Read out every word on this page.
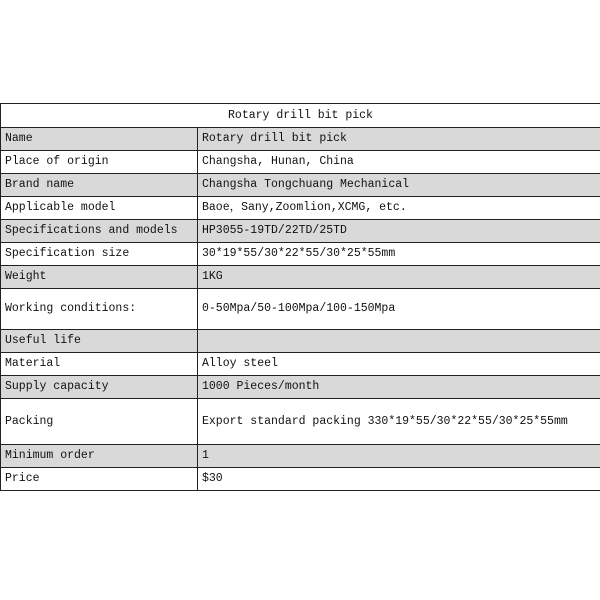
Rotary drill bit pick	
Name	Rotary drill bit pick
Place of origin	Changsha, Hunan, China
Brand name	Changsha Tongchuang Mechanical
Applicable model	Baoe，Sany,Zoomlion,XCMG, etc.
Specifications and models	HP3055-19TD/22TD/25TD
Specification size	30*19*55/30*22*55/30*25*55mm
Weight	1KG
Working conditions:	0-50Mpa/50-100Mpa/100-150Mpa
Useful life	
Material	Alloy steel
Supply capacity	1000 Pieces/month
Packing	Export standard packing 330*19*55/30*22*55/30*25*55mm
Minimum order	1
Price	$30
